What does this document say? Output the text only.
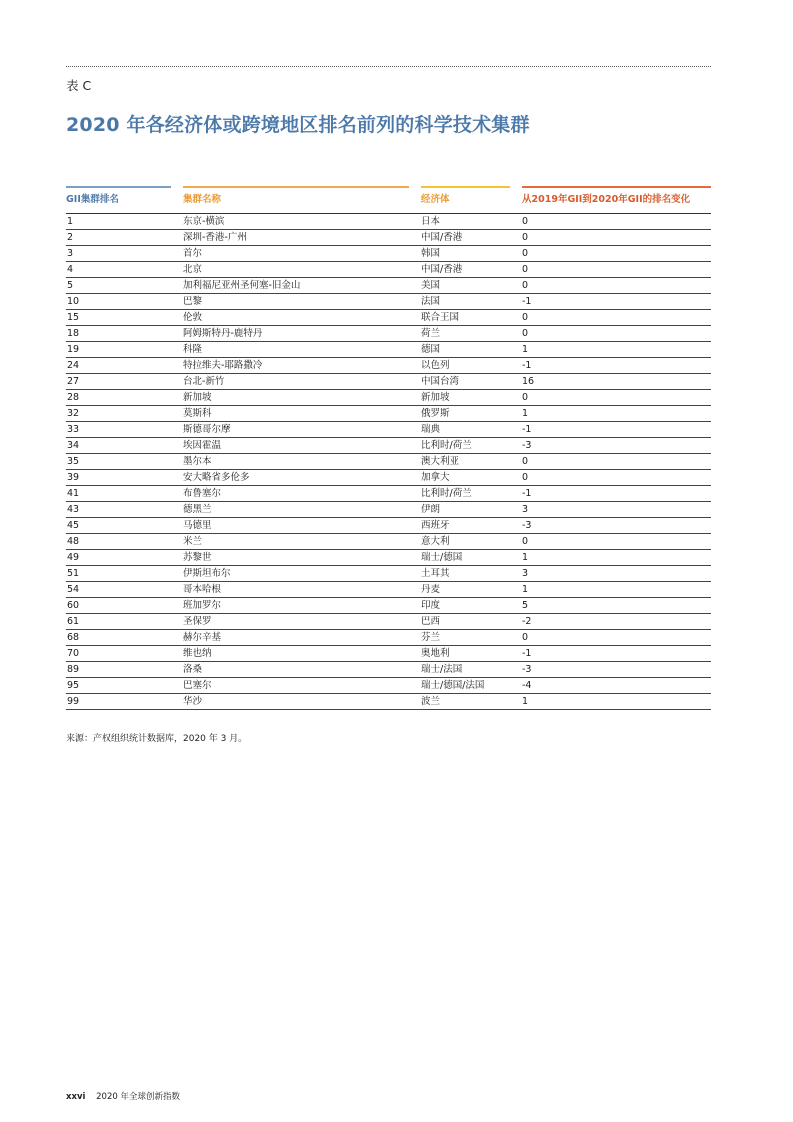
表 C
2020 年各经济体或跨境地区排名前列的科学技术集群
GII集群排名	集群名称	经济体	从2019年GII到2020年GII的排名变化
1	东京-横滨	日本	0
2	深圳-香港-广州	中国/香港	0
3	首尔	韩国	0
4	北京	中国/香港	0
5	加利福尼亚州圣何塞-旧金山	美国	0
10	巴黎	法国	-1
15	伦敦	联合王国	0
18	阿姆斯特丹-鹿特丹	荷兰	0
19	科隆	德国	1
24	特拉维夫-耶路撒冷	以色列	-1
27	台北-新竹	中国台湾	16
28	新加坡	新加坡	0
32	莫斯科	俄罗斯	1
33	斯德哥尔摩	瑞典	-1
34	埃因霍温	比利时/荷兰	-3
35	墨尔本	澳大利亚	0
39	安大略省多伦多	加拿大	0
41	布鲁塞尔	比利时/荷兰	-1
43	德黑兰	伊朗	3
45	马德里	西班牙	-3
48	米兰	意大利	0
49	苏黎世	瑞士/德国	1
51	伊斯坦布尔	土耳其	3
54	哥本哈根	丹麦	1
60	班加罗尔	印度	5
61	圣保罗	巴西	-2
68	赫尔辛基	芬兰	0
70	维也纳	奥地利	-1
89	洛桑	瑞士/法国	-3
95	巴塞尔	瑞士/德国/法国	-4
99	华沙	波兰	1
来源：产权组织统计数据库，2020 年 3 月。
xxvi 2020 年全球创新指数
